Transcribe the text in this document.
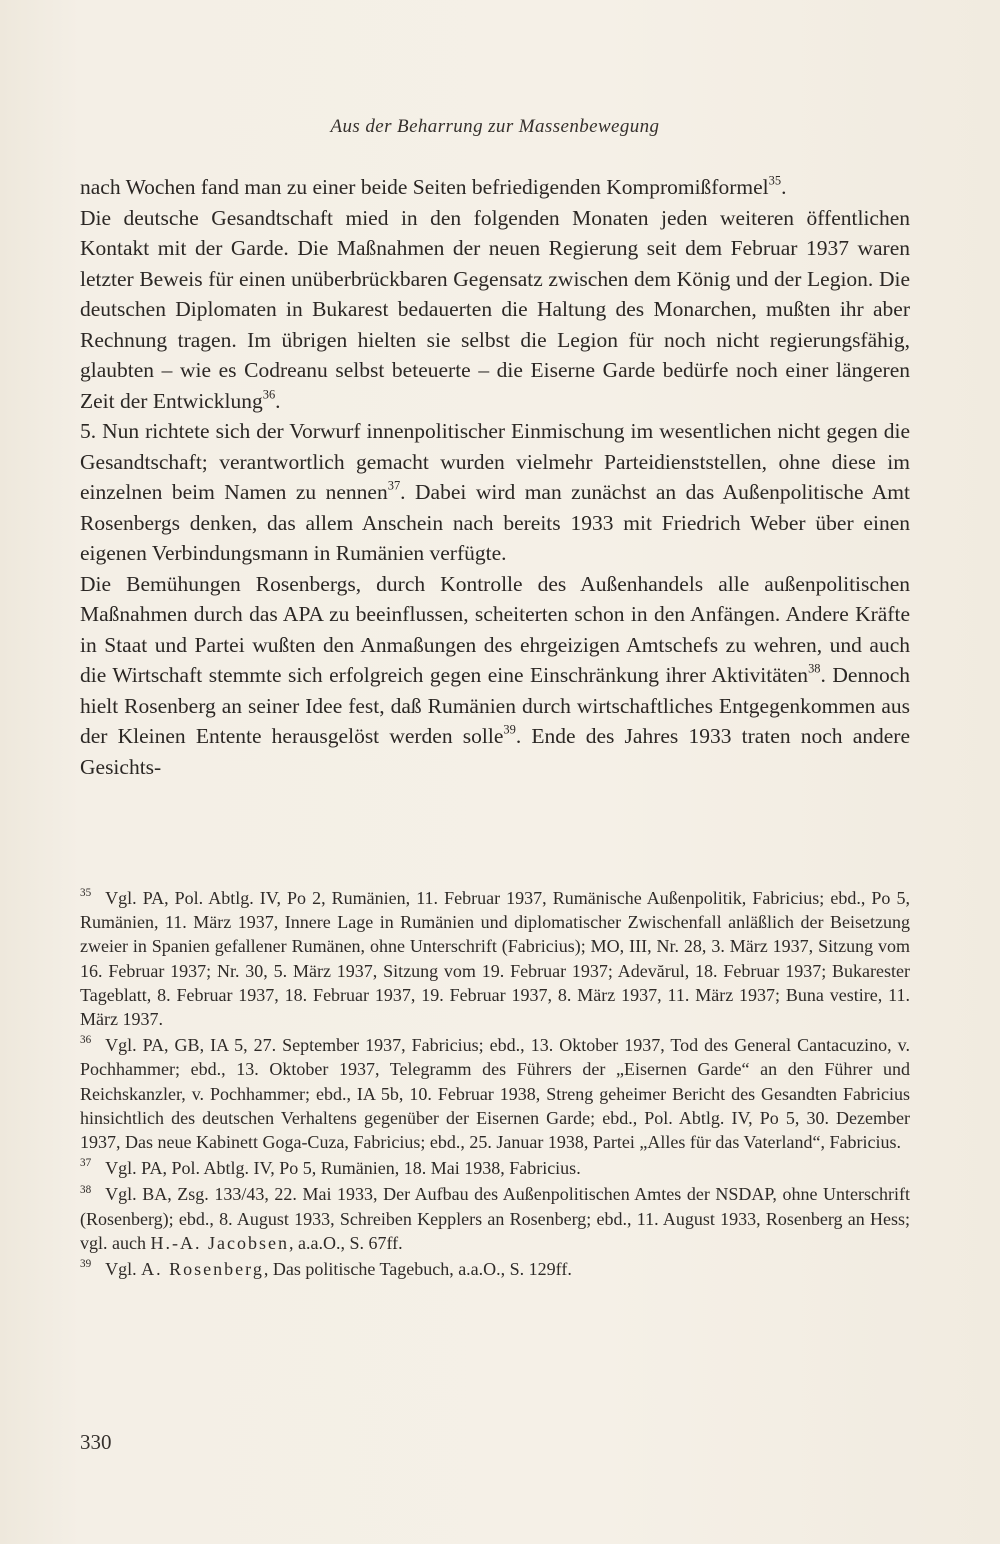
Aus der Beharrung zur Massenbewegung

nach Wochen fand man zu einer beide Seiten befriedigenden Kompromißformel$^{35}$.

Die deutsche Gesandtschaft mied in den folgenden Monaten jeden weiteren öffentlichen Kontakt mit der Garde. Die Maßnahmen der neuen Regierung seit dem Februar 1937 waren letzter Beweis für einen unüberbrückbaren Gegensatz zwischen dem König und der Legion. Die deutschen Diplomaten in Bukarest bedauerten die Haltung des Monarchen, mußten ihr aber Rechnung tragen. Im übrigen hielten sie selbst die Legion für noch nicht regierungsfähig, glaubten – wie es Codreanu selbst beteuerte – die Eiserne Garde bedürfe noch einer längeren Zeit der Entwicklung$^{36}$.

5. Nun richtete sich der Vorwurf innenpolitischer Einmischung im wesentlichen nicht gegen die Gesandtschaft; verantwortlich gemacht wurden vielmehr Parteidienststellen, ohne diese im einzelnen beim Namen zu nennen$^{37}$. Dabei wird man zunächst an das Außenpolitische Amt Rosenbergs denken, das allem Anschein nach bereits 1933 mit Friedrich Weber über einen eigenen Verbindungsmann in Rumänien verfügte.

Die Bemühungen Rosenbergs, durch Kontrolle des Außenhandels alle außenpolitischen Maßnahmen durch das APA zu beeinflussen, scheiterten schon in den Anfängen. Andere Kräfte in Staat und Partei wußten den Anmaßungen des ehrgeizigen Amtschefs zu wehren, und auch die Wirtschaft stemmte sich erfolgreich gegen eine Einschränkung ihrer Aktivitäten$^{38}$. Dennoch hielt Rosenberg an seiner Idee fest, daß Rumänien durch wirtschaftliches Entgegenkommen aus der Kleinen Entente herausgelöst werden solle$^{39}$. Ende des Jahres 1933 traten noch andere Gesichts-

$^{35}$ Vgl. PA, Pol. Abtlg. IV, Po 2, Rumänien, 11. Februar 1937, Rumänische Außenpolitik, Fabricius; ebd., Po 5, Rumänien, 11. März 1937, Innere Lage in Rumänien und diplomatischer Zwischenfall anläßlich der Beisetzung zweier in Spanien gefallener Rumänen, ohne Unterschrift (Fabricius); MO, III, Nr. 28, 3. März 1937, Sitzung vom 16. Februar 1937; Nr. 30, 5. März 1937, Sitzung vom 19. Februar 1937; Adevărul, 18. Februar 1937; Bukarester Tageblatt, 8. Februar 1937, 18. Februar 1937, 19. Februar 1937, 8. März 1937, 11. März 1937; Buna vestire, 11. März 1937.
$^{36}$ Vgl. PA, GB, IA 5, 27. September 1937, Fabricius; ebd., 13. Oktober 1937, Tod des General Cantacuzino, v. Pochhammer; ebd., 13. Oktober 1937, Telegramm des Führers der „Eisernen Garde“ an den Führer und Reichskanzler, v. Pochhammer; ebd., IA 5b, 10. Februar 1938, Streng geheimer Bericht des Gesandten Fabricius hinsichtlich des deutschen Verhaltens gegenüber der Eisernen Garde; ebd., Pol. Abtlg. IV, Po 5, 30. Dezember 1937, Das neue Kabinett Goga-Cuza, Fabricius; ebd., 25. Januar 1938, Partei „Alles für das Vaterland“, Fabricius.
$^{37}$ Vgl. PA, Pol. Abtlg. IV, Po 5, Rumänien, 18. Mai 1938, Fabricius.
$^{38}$ Vgl. BA, Zsg. 133/43, 22. Mai 1933, Der Aufbau des Außenpolitischen Amtes der NSDAP, ohne Unterschrift (Rosenberg); ebd., 8. August 1933, Schreiben Kepplers an Rosenberg; ebd., 11. August 1933, Rosenberg an Hess; vgl. auch H.-A. Jacobsen, a.a.O., S. 67ff.
$^{39}$ Vgl. A. Rosenberg, Das politische Tagebuch, a.a.O., S. 129ff.
330
